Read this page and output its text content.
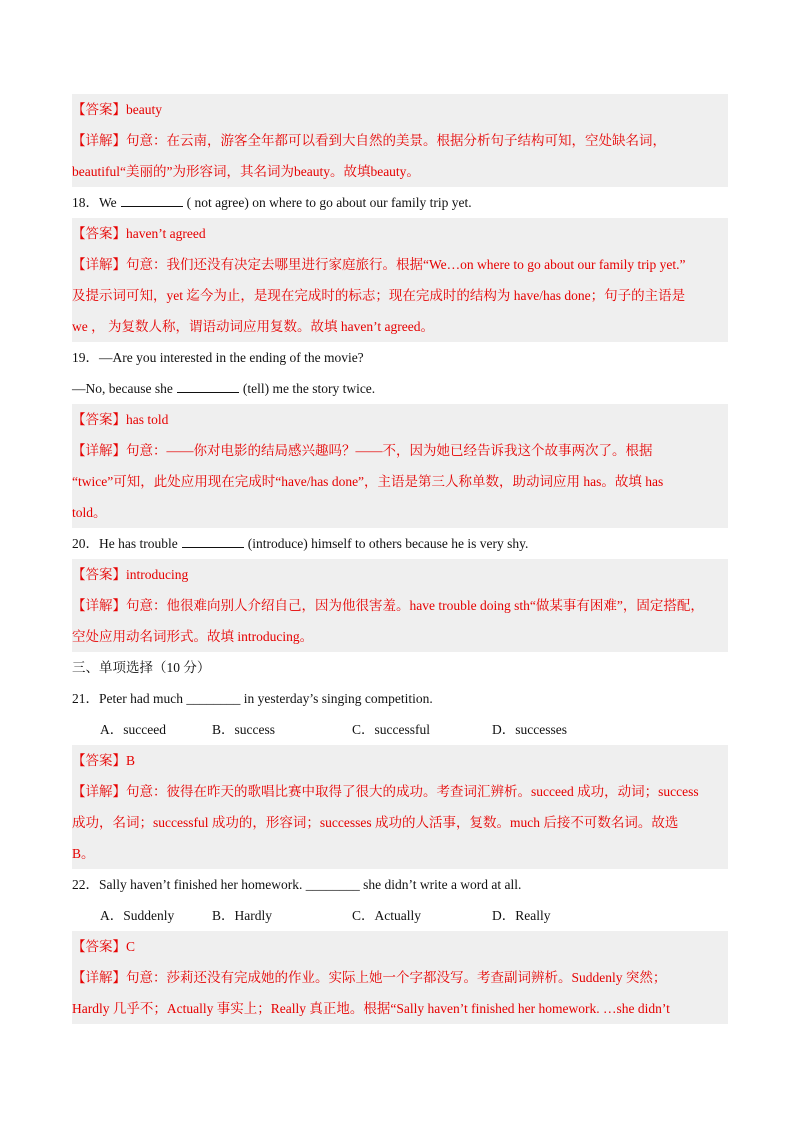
【答案】beauty
【详解】句意：在云南，游客全年都可以看到大自然的美景。根据分析句子结构可知，空处缺名词，
beautiful“美丽的”为形容词，其名词为beauty。故填beauty。
18．We	( not agree) on where to go about our family trip yet.
【答案】haven’t agreed
【详解】句意：我们还没有决定去哪里进行家庭旅行。根据“We…on where to go about our family trip yet.”
及提示词可知，yet 迄今为止，是现在完成时的标志；现在完成时的结构为 have/has done；句子的主语是
we ， 为复数人称，谓语动词应用复数。故填 haven’t agreed。
19．—Are you interested in the ending of the movie?
—No, because she	(tell) me the story twice.
【答案】has told
【详解】句意：——你对电影的结局感兴趣吗？——不，因为她已经告诉我这个故事两次了。根据
“twice”可知，此处应用现在完成时“have/has done”，主语是第三人称单数，助动词应用 has。故填 has
told。
20．He has trouble	(introduce) himself to others because he is very shy.
【答案】introducing
【详解】句意：他很难向别人介绍自己，因为他很害羞。have trouble doing sth“做某事有困难”，固定搭配，
空处应用动名词形式。故填 introducing。
三、单项选择（10 分）
21．Peter had much ________ in yesterday’s singing competition.
A．succeed	B．success	C．successful	D．successes
【答案】B
【详解】句意：彼得在昨天的歌唱比赛中取得了很大的成功。考查词汇辨析。succeed 成功，动词；success
成功，名词；successful 成功的，形容词；successes 成功的人活事，复数。much 后接不可数名词。故选
B。
22．Sally haven’t finished her homework. ________ she didn’t write a word at all.
A．Suddenly	B．Hardly	C．Actually	D．Really
【答案】C
【详解】句意：莎莉还没有完成她的作业。实际上她一个字都没写。考查副词辨析。Suddenly 突然；
Hardly 几乎不；Actually 事实上；Really 真正地。根据“Sally haven’t finished her homework. …she didn’t
